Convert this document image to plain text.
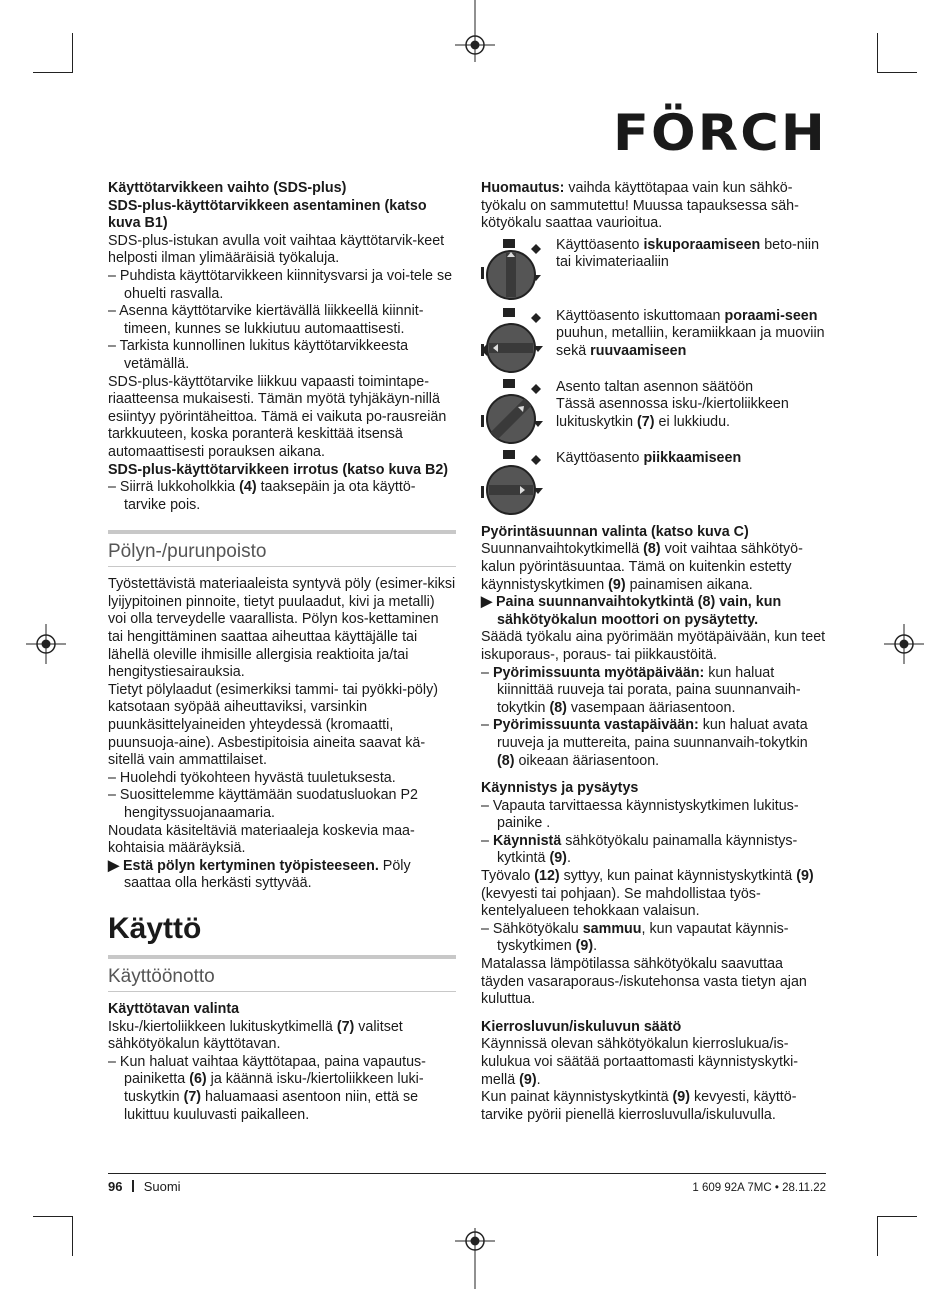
FÖRCH

Käyttötarvikkeen vaihto (SDS-plus)

SDS-plus-käyttötarvikkeen asentaminen (katso kuva B1)

SDS-plus-istukan avulla voit vaihtaa käyttötarvik-keet helposti ilman ylimääräisiä työkaluja.

– Puhdista käyttötarvikkeen kiinnitysvarsi ja voi-tele se ohuelti rasvalla.

– Asenna käyttötarvike kiertävällä liikkeellä kiinnit-timeen, kunnes se lukkiutuu automaattisesti.

– Tarkista kunnollinen lukitus käyttötarvikkeesta vetämällä.

SDS-plus-käyttötarvike liikkuu vapaasti toimintape-riaatteensa mukaisesti. Tämän myötä tyhjäkäyn-nillä esiintyy pyörintäheittoa. Tämä ei vaikuta po-rausreiän tarkkuuteen, koska poranterä keskittää itsensä automaattisesti porauksen aikana.

SDS-plus-käyttötarvikkeen irrotus (katso kuva B2)

– Siirrä lukkoholkkia (4) taaksepäin ja ota käyttö-tarvike pois.

Pölyn-/purunpoisto

Työstettävistä materiaaleista syntyvä pöly (esimer-kiksi lyijypitoinen pinnoite, tietyt puulaadut, kivi ja metalli) voi olla terveydelle vaarallista. Pölyn kos-kettaminen tai hengittäminen saattaa aiheuttaa käyttäjälle tai lähellä oleville ihmisille allergisia reaktioita ja/tai hengitystiesairauksia.

Tietyt pölylaadut (esimerkiksi tammi- tai pyökki-pöly) katsotaan syöpää aiheuttaviksi, varsinkin puunkäsittelyaineiden yhteydessä (kromaatti, puunsuoja-aine). Asbestipitoisia aineita saavat kä-sitellä vain ammattilaiset.

– Huolehdi työkohteen hyvästä tuuletuksesta.

– Suosittelemme käyttämään suodatusluokan P2 hengityssuojanaamaria.

Noudata käsiteltäviä materiaaleja koskevia maa-kohtaisia määräyksiä.

▶ Estä pölyn kertyminen työpisteeseen. Pöly saattaa olla herkästi syttyvää.

Käyttö
Käyttöönotto

Käyttötavan valinta

Isku-/kiertoliikkeen lukituskytkimellä (7) valitset sähkötyökalun käyttötavan.

– Kun haluat vaihtaa käyttötapaa, paina vapautus-painiketta (6) ja käännä isku-/kiertoliikkeen luki-tuskytkin (7) haluamaasi asentoon niin, että se lukittuu kuuluvasti paikalleen.

Huomautus: vaihda käyttötapaa vain kun sähkö-työkalu on sammutettu! Muussa tapauksessa säh-kötyökalu saattaa vaurioitua.

Käyttöasento iskuporaamiseen beto-niin tai kivimateriaaliin

Käyttöasento iskuttomaan poraami-seen puuhun, metalliin, keramiikkaan ja muoviin sekä ruuvaamiseen

Asento taltan asennon säätöön
Tässä asennossa isku-/kiertoliikkeen lukituskytkin (7) ei lukkiudu.

Käyttöasento piikkaamiseen

Pyörintäsuunnan valinta (katso kuva C)

Suunnanvaihtokytkimellä (8) voit vaihtaa sähkötyö-kalun pyörintäsuuntaa. Tämä on kuitenkin estetty käynnistyskytkimen (9) painamisen aikana.

▶ Paina suunnanvaihtokytkintä (8) vain, kun sähkötyökalun moottori on pysäytetty.

Säädä työkalu aina pyörimään myötäpäivään, kun teet iskuporaus-, poraus- tai piikkaustöitä.

– Pyörimissuunta myötäpäivään: kun haluat kiinnittää ruuveja tai porata, paina suunnanvaih-tokytkin (8) vasempaan ääriasentoon.

– Pyörimissuunta vastapäivään: kun haluat avata ruuveja ja muttereita, paina suunnanvaih-tokytkin (8) oikeaan ääriasentoon.

Käynnistys ja pysäytys

– Vapauta tarvittaessa käynnistyskytkimen lukitus-painike .

– Käynnistä sähkötyökalu painamalla käynnistys-kytkintä (9).

Työvalo (12) syttyy, kun painat käynnistyskytkintä (9) (kevyesti tai pohjaan). Se mahdollistaa työs-kentelyalueen tehokkaan valaisun.

– Sähkötyökalu sammuu, kun vapautat käynnis-tyskytkimen (9).

Matalassa lämpötilassa sähkötyökalu saavuttaa täyden vasaraporaus-/iskutehonsa vasta tietyn ajan kuluttua.

Kierrosluvun/iskuluvun säätö

Käynnissä olevan sähkötyökalun kierroslukua/is-kulukua voi säätää portaattomasti käynnistyskytki-mellä (9).

Kun painat käynnistyskytkintä (9) kevyesti, käyttö-tarvike pyörii pienellä kierrosluvulla/iskuluvulla.

96 Suomi	1 609 92A 7MC • 28.11.22
